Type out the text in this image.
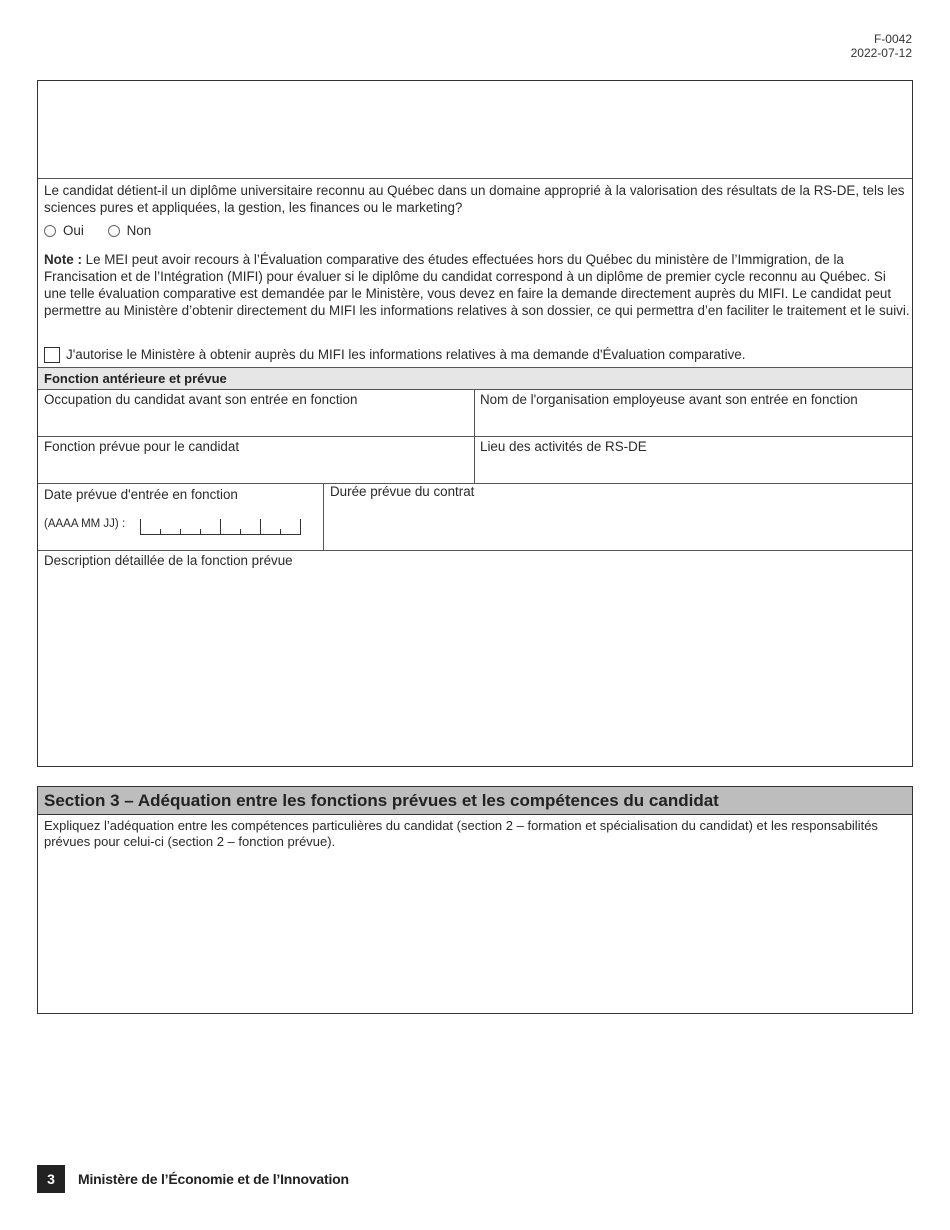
F-0042
2022-07-12
Le candidat détient-il un diplôme universitaire reconnu au Québec dans un domaine approprié à la valorisation des résultats de la RS-DE, tels les sciences pures et appliquées, la gestion, les finances ou le marketing?
Oui	Non
Note : Le MEI peut avoir recours à l’Évaluation comparative des études effectuées hors du Québec du ministère de l’Immigration, de la Francisation et de l’Intégration (MIFI) pour évaluer si le diplôme du candidat correspond à un diplôme de premier cycle reconnu au Québec. Si une telle évaluation comparative est demandée par le Ministère, vous devez en faire la demande directement auprès du MIFI. Le candidat peut permettre au Ministère d’obtenir directement du MIFI les informations relatives à son dossier, ce qui permettra d’en faciliter le traitement et le suivi.
J'autorise le Ministère à obtenir auprès du MIFI les informations relatives à ma demande d'Évaluation comparative.
Fonction antérieure et prévue
Occupation du candidat avant son entrée en fonction	Nom de l'organisation employeuse avant son entrée en fonction
Fonction prévue pour le candidat	Lieu des activités de RS-DE
Date prévue d'entrée en fonction
(AAAA MM JJ) :
Durée prévue du contrat
Description détaillée de la fonction prévue
Section 3 – Adéquation entre les fonctions prévues et les compétences du candidat
Expliquez l’adéquation entre les compétences particulières du candidat (section 2 – formation et spécialisation du candidat) et les responsabilités prévues pour celui-ci (section 2 – fonction prévue).
3	Ministère de l’Économie et de l’Innovation
